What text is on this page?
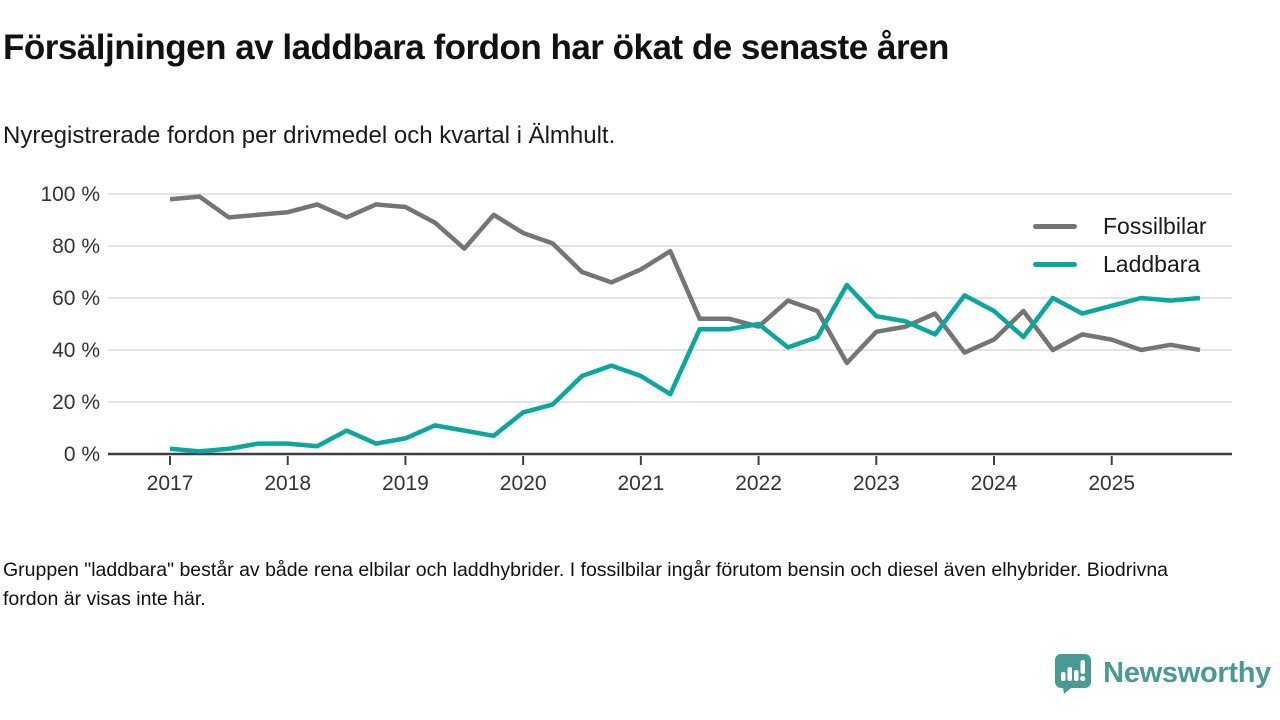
Försäljningen av laddbara fordon har ökat de senaste åren

Nyregistrerade fordon per drivmedel och kvartal i Älmhult.

0 %
20 %
40 %
60 %
80 %
100 %
2017	2018	2019	2020	2021	2022	2023	2024	2025
Fossilbilar
Laddbara

Gruppen "laddbara" består av både rena elbilar och laddhybrider. I fossilbilar ingår förutom bensin och diesel även elhybrider. Biodrivna fordon är visas inte här.

Newsworthy
